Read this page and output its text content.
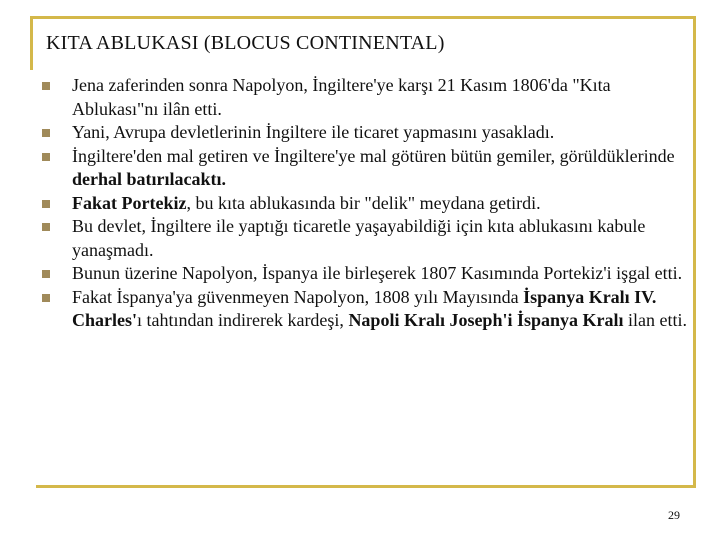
KITA ABLUKASI (BLOCUS CONTINENTAL)
Jena zaferinden sonra Napolyon, İngiltere'ye karşı 21 Kasım 1806'da "Kıta Ablukası"nı ilân etti.
Yani, Avrupa devletlerinin İngiltere ile ticaret yapmasını yasakladı.
İngiltere'den mal getiren ve İngiltere'ye mal götüren bütün gemiler, görüldüklerinde derhal batırılacaktı.
Fakat Portekiz, bu kıta ablukasında bir "delik" meydana getirdi.
Bu devlet, İngiltere ile yaptığı ticaretle yaşayabildiği için kıta ablukasını kabule yanaşmadı.
Bunun üzerine Napolyon, İspanya ile birleşerek 1807 Kasımında Portekiz'i işgal etti.
Fakat İspanya'ya güvenmeyen Napolyon, 1808 yılı Mayısında İspanya Kralı IV. Charles'ı tahtından indirerek kardeşi, Napoli Kralı Joseph'i İspanya Kralı ilan etti.
29
